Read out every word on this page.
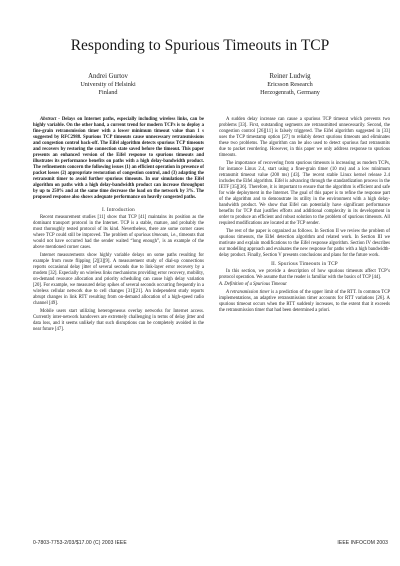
Responding to Spurious Timeouts in TCP
Andrei Gurtov
University of Helsinki
Finland
Reiner Ludwig
Ericsson Research
Herzogenrath, Germany

Abstract - Delays on Internet paths, especially including wireless links, can be highly variable. On the other hand, a current trend for modern TCPs is to deploy a fine-grain retransmission timer with a lower minimum timeout value than 1 s suggested by RFC2988. Spurious TCP timeouts cause unnecessary retransmissions and congestion control back-off. The Eifel algorithm detects spurious TCP timeouts and recovers by restoring the connection state saved before the timeout. This paper presents an enhanced version of the Eifel response to spurious timeouts and illustrates its performance benefits on paths with a high delay-bandwidth product. The refinements concern the following issues (1) an efficient operation in presence of packet losses (2) appropriate restoration of congestion control, and (3) adapting the retransmit timer to avoid further spurious timeouts. In our simulations the Eifel algorithm on paths with a high delay-bandwidth product can increase throughput by up to 250% and at the same time decrease the load on the network by 3%. The proposed response also shows adequate performance on heavily congested paths.

I. Introduction

Recent measurement studies [11] show that TCP [41] maintains its position as the dominant transport protocol in the Internet. TCP is a stable, mature, and probably the most thoroughly tested protocol of its kind. Nevertheless, there are some corner cases where TCP could still be improved. The problem of spurious timeouts, i.e., timeouts that would not have occurred had the sender waited “long enough”, is an example of the above mentioned corner cases.

Internet measurements show highly variable delays on some paths resulting for example from route flipping [2][3][9]. A measurement study of dial-up connections reports occasional delay jitter of several seconds due to link-layer error recovery by a modem [32]. Especially on wireless links mechanisms providing error recovery, mobility, on-demand resource allocation and priority scheduling can cause high delay variation [20]. For example, we measured delay spikes of several seconds occurring frequently in a wireless cellular network due to cell changes [31][21]. An independent study reports abrupt changes in link RTT resulting from on-demand allocation of a high-speed radio channel [49].

Mobile users start utilizing heterogeneous overlay networks for Internet access. Currently inter-network handovers are extremely challenging in terms of delay jitter and data loss, and it seems unlikely that such disruptions can be completely avoided in the near future [47].

A sudden delay increase can cause a spurious TCP timeout which prevents two problems [33]. First, outstanding segments are retransmitted unnecessarily. Second, the congestion control [26][11] is falsely triggered. The Eifel algorithm suggested in [33] uses the TCP timestamp option [27] to reliably detect spurious timeouts and eliminates these two problems. The algorithm can be also used to detect spurious fast retransmits due to packet reordering. However, in this paper we only address response to spurious timeouts.

The importance of recovering from spurious timeouts is increasing as modern TCPs, for instance Linux 2.4, start using a finer-grain timer (10 ms) and a low minimum retransmit timeout value (200 ms) [43]. The recent stable Linux kernel release 2.4 includes the Eifel algorithm. Eifel is advancing through the standardization process in the IETF [35][36]. Therefore, it is important to ensure that the algorithm is efficient and safe for wide deployment in the Internet. The goal of this paper is to refine the response part of the algorithm and to demonstrate its utility in the environment with a high delay-bandwidth product. We show that Eifel can potentially have significant performance benefits for TCP that justifies efforts and additional complexity in its development in order to produce an efficient and robust solution to the problem of spurious timeouts. All required modifications are located at the TCP sender.

The rest of the paper is organized as follows. In Section II we review the problem of spurious timeouts, the Eifel detection algorithm and related work. In Section III we motivate and explain modifications to the Eifel response algorithm. Section IV describes our modelling approach and evaluates the new response for paths with a high bandwidth-delay product. Finally, Section V presents conclusions and plans for the future work.

II. Spurious Timeouts in TCP

In this section, we provide a description of how spurious timeouts affect TCP’s protocol operation. We assume that the reader is familiar with the basics of TCP [44].

A. Definition of a Spurious Timeout

A retransmission timer is a prediction of the upper limit of the RTT. In common TCP implementations, an adaptive retransmission timer accounts for RTT variations [26]. A spurious timeout occurs when the RTT suddenly increases, to the extent that it exceeds the retransmission timer that had been determined a priori.

0-7803-7753-2/03/$17.00 (C) 2003 IEEE	IEEE INFOCOM 2003
